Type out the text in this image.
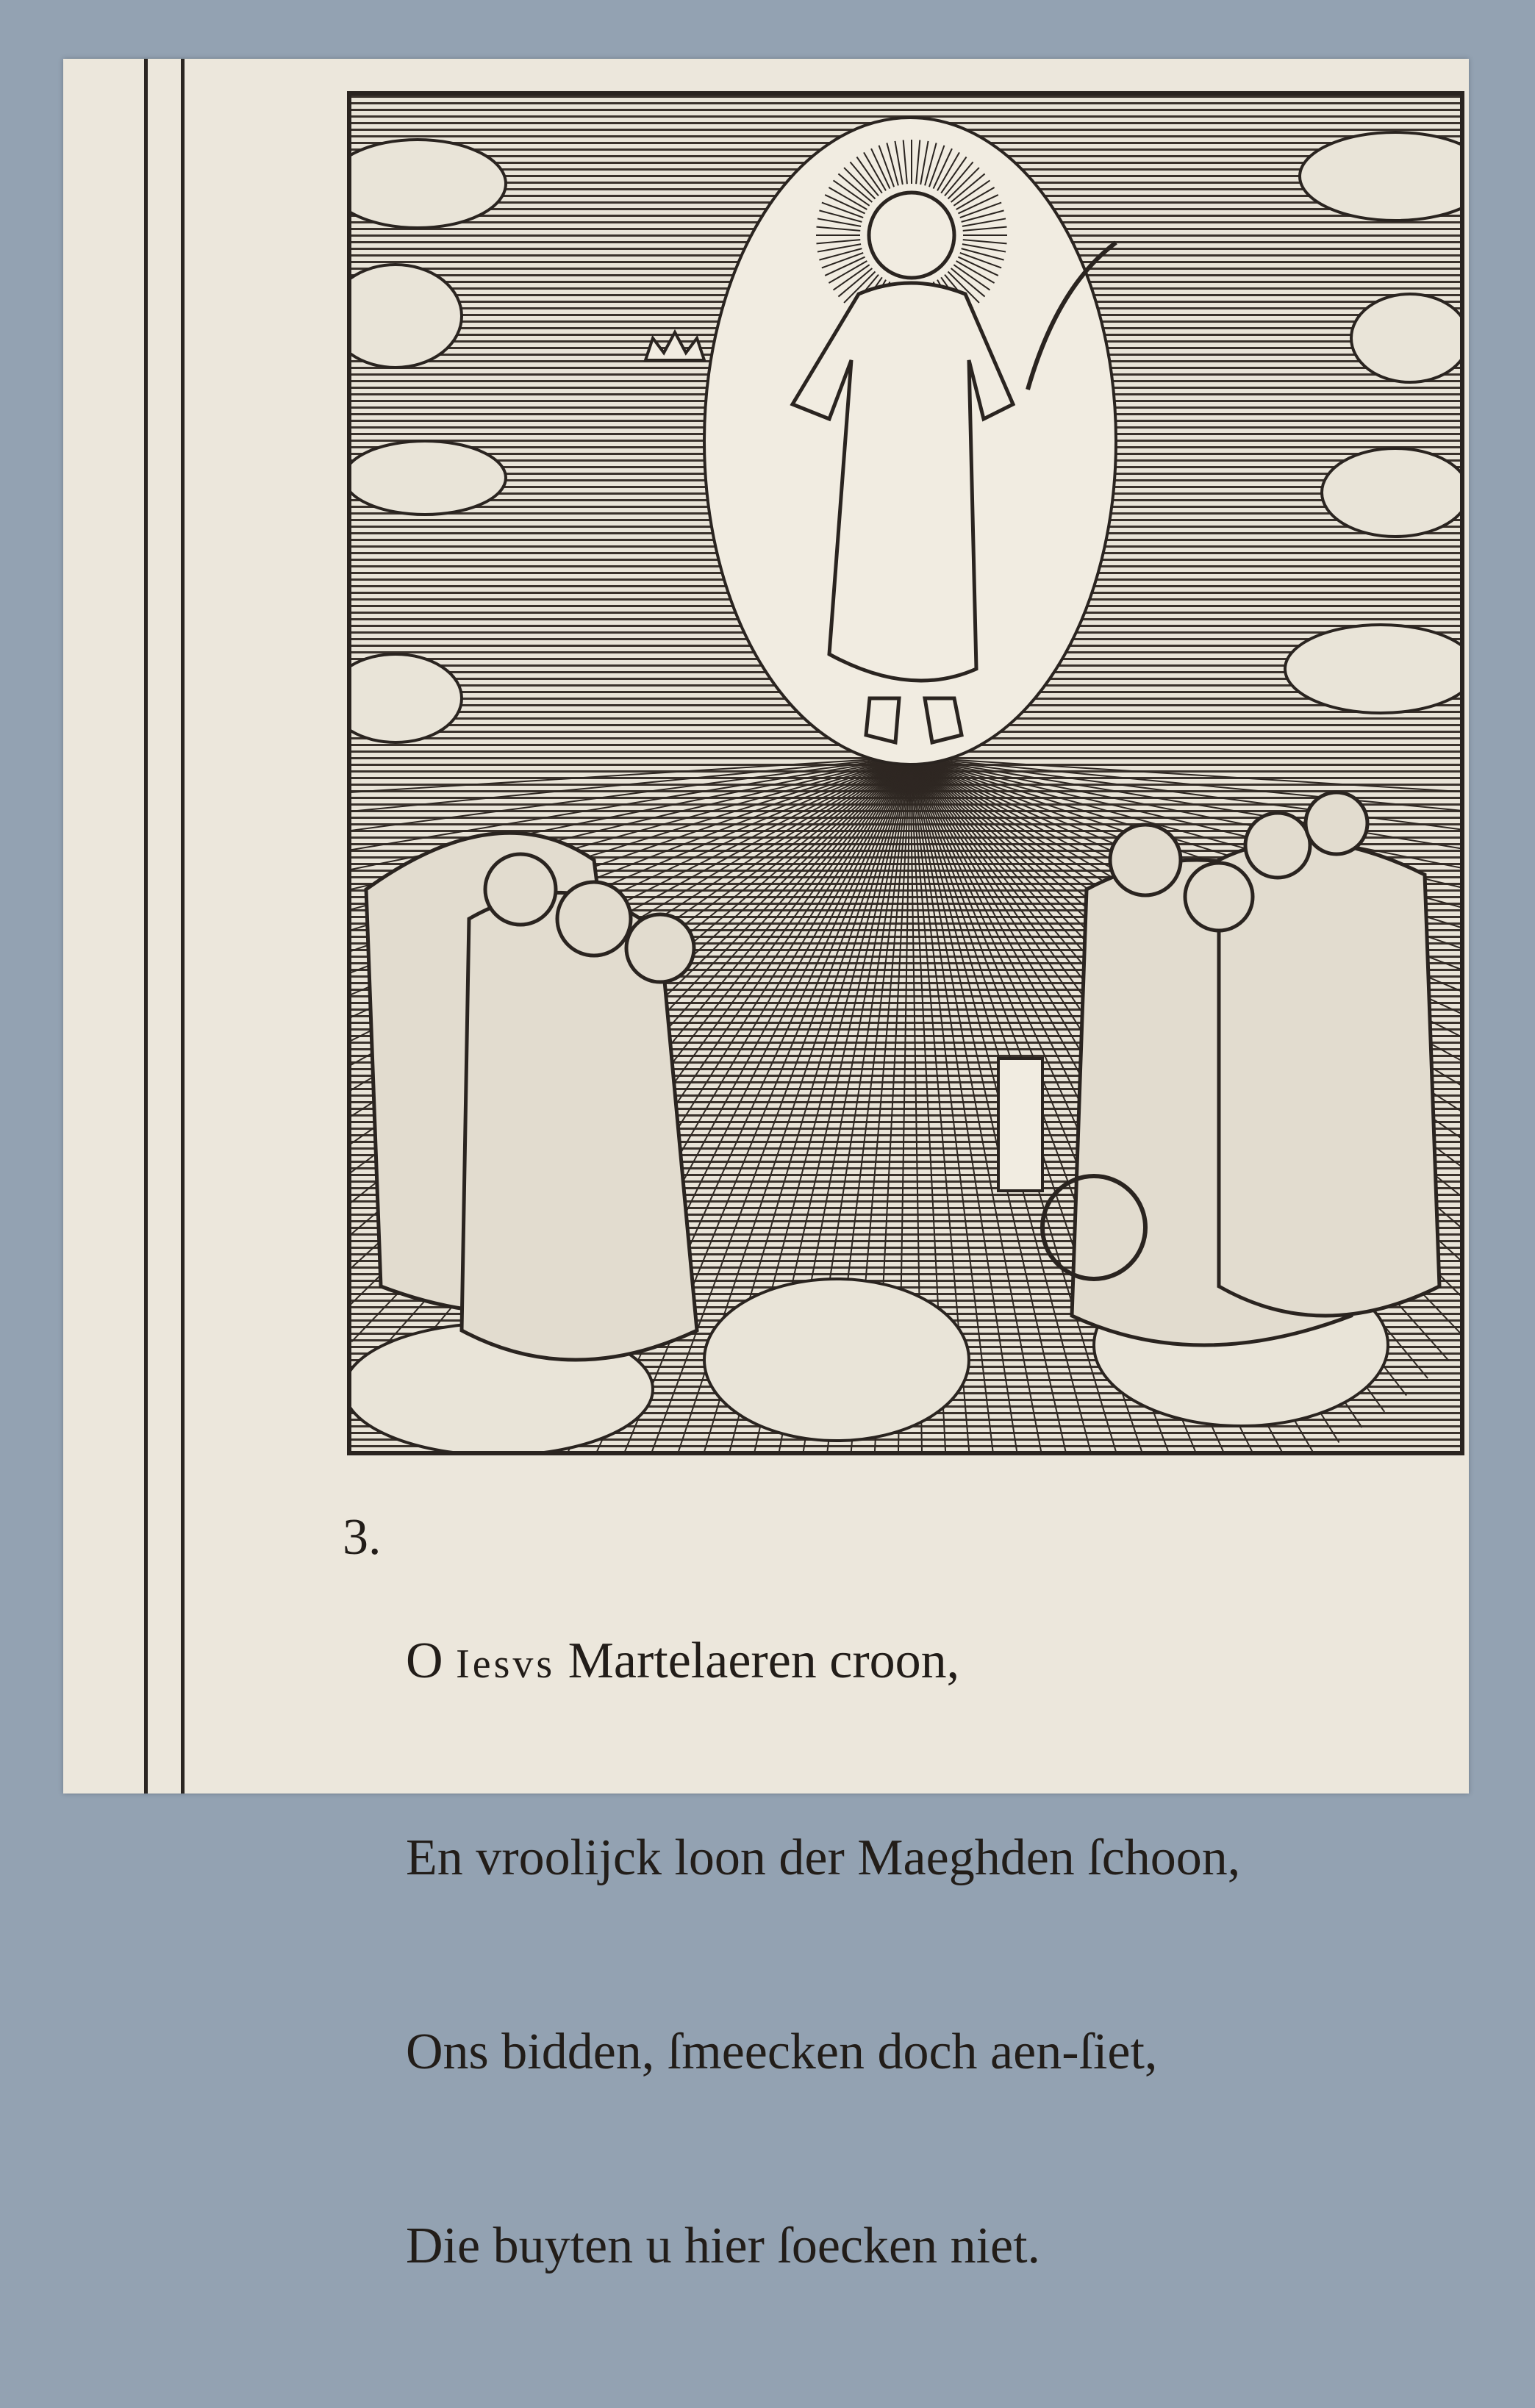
3.

O Iesvs Martelaeren croon,

En vroolijck loon der Maeghden ſchoon,

Ons bidden, ſmeecken doch aen-ſiet,

Die buyten u hier ſoecken niet.
